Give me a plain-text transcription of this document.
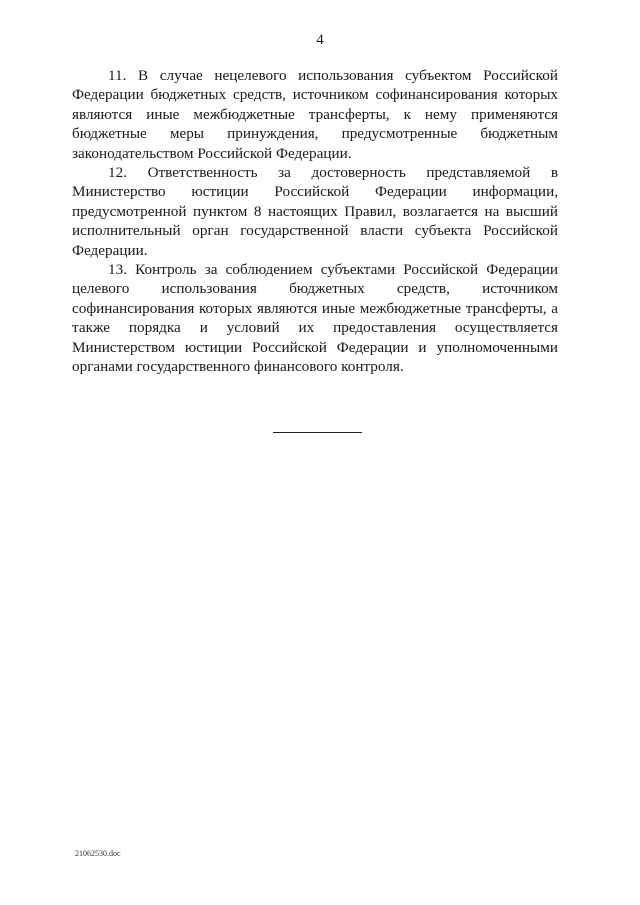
4

11. В случае нецелевого использования субъектом Российской Федерации бюджетных средств, источником софинансирования которых являются иные межбюджетные трансферты, к нему применяются бюджетные меры принуждения, предусмотренные бюджетным законодательством Российской Федерации.

12. Ответственность за достоверность представляемой в Министерство юстиции Российской Федерации информации, предусмотренной пунктом 8 настоящих Правил, возлагается на высший исполнительный орган государственной власти субъекта Российской Федерации.

13. Контроль за соблюдением субъектами Российской Федерации целевого использования бюджетных средств, источником софинансирования которых являются иные межбюджетные трансферты, а также порядка и условий их предоставления осуществляется Министерством юстиции Российской Федерации и уполномоченными органами государственного финансового контроля.

21062530.doc
